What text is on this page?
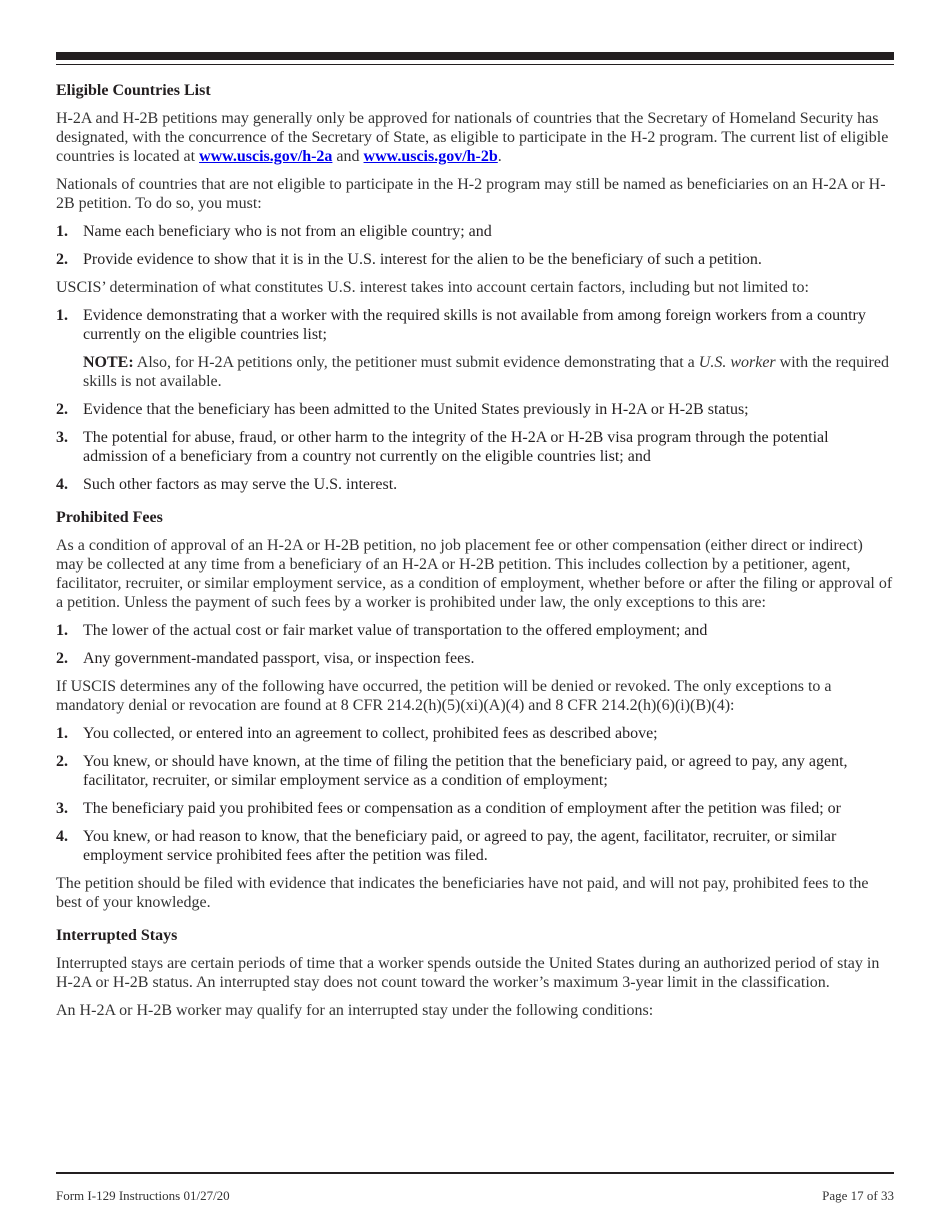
Eligible Countries List

H-2A and H-2B petitions may generally only be approved for nationals of countries that the Secretary of Homeland Security has designated, with the concurrence of the Secretary of State, as eligible to participate in the H-2 program. The current list of eligible countries is located at www.uscis.gov/h-2a and www.uscis.gov/h-2b.

Nationals of countries that are not eligible to participate in the H-2 program may still be named as beneficiaries on an H-2A or H-2B petition. To do so, you must:

1. Name each beneficiary who is not from an eligible country; and
2. Provide evidence to show that it is in the U.S. interest for the alien to be the beneficiary of such a petition.

USCIS’ determination of what constitutes U.S. interest takes into account certain factors, including but not limited to:

1. Evidence demonstrating that a worker with the required skills is not available from among foreign workers from a country currently on the eligible countries list;
NOTE: Also, for H-2A petitions only, the petitioner must submit evidence demonstrating that a U.S. worker with the required skills is not available.
2. Evidence that the beneficiary has been admitted to the United States previously in H-2A or H-2B status;
3. The potential for abuse, fraud, or other harm to the integrity of the H-2A or H-2B visa program through the potential admission of a beneficiary from a country not currently on the eligible countries list; and
4. Such other factors as may serve the U.S. interest.
Prohibited Fees

As a condition of approval of an H-2A or H-2B petition, no job placement fee or other compensation (either direct or indirect) may be collected at any time from a beneficiary of an H-2A or H-2B petition. This includes collection by a petitioner, agent, facilitator, recruiter, or similar employment service, as a condition of employment, whether before or after the filing or approval of a petition. Unless the payment of such fees by a worker is prohibited under law, the only exceptions to this are:

1. The lower of the actual cost or fair market value of transportation to the offered employment; and
2. Any government-mandated passport, visa, or inspection fees.

If USCIS determines any of the following have occurred, the petition will be denied or revoked. The only exceptions to a mandatory denial or revocation are found at 8 CFR 214.2(h)(5)(xi)(A)(4) and 8 CFR 214.2(h)(6)(i)(B)(4):

1. You collected, or entered into an agreement to collect, prohibited fees as described above;
2. You knew, or should have known, at the time of filing the petition that the beneficiary paid, or agreed to pay, any agent, facilitator, recruiter, or similar employment service as a condition of employment;
3. The beneficiary paid you prohibited fees or compensation as a condition of employment after the petition was filed; or
4. You knew, or had reason to know, that the beneficiary paid, or agreed to pay, the agent, facilitator, recruiter, or similar employment service prohibited fees after the petition was filed.

The petition should be filed with evidence that indicates the beneficiaries have not paid, and will not pay, prohibited fees to the best of your knowledge.

Interrupted Stays

Interrupted stays are certain periods of time that a worker spends outside the United States during an authorized period of stay in H-2A or H-2B status. An interrupted stay does not count toward the worker’s maximum 3-year limit in the classification.

An H-2A or H-2B worker may qualify for an interrupted stay under the following conditions:

Form I-129 Instructions 01/27/20	Page 17 of 33
